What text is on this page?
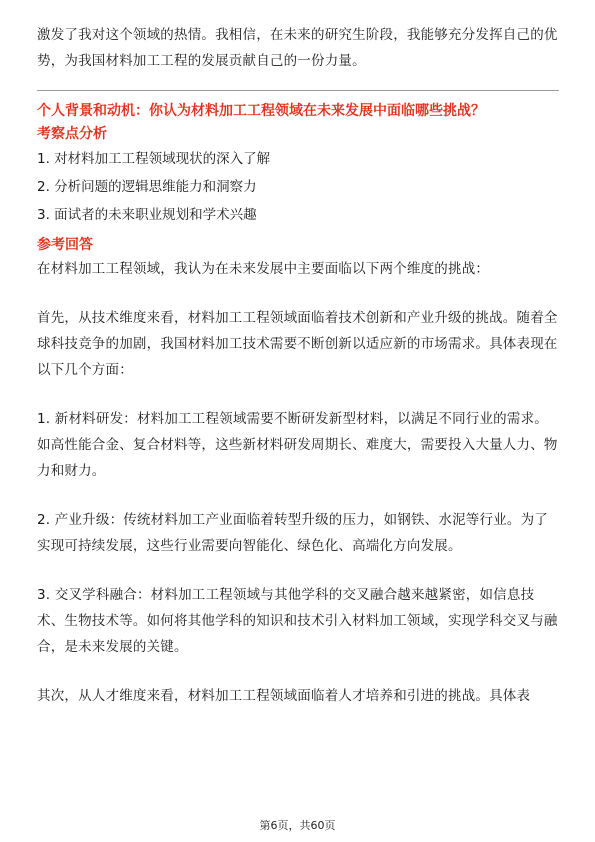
激发了我对这个领域的热情。我相信，在未来的研究生阶段，我能够充分发挥自己的优势，为我国材料加工工程的发展贡献自己的一份力量。

个人背景和动机：你认为材料加工工程领域在未来发展中面临哪些挑战？

考察点分析

1. 对材料加工工程领域现状的深入了解

2. 分析问题的逻辑思维能力和洞察力

3. 面试者的未来职业规划和学术兴趣

参考回答

在材料加工工程领域，我认为在未来发展中主要面临以下两个维度的挑战：

首先，从技术维度来看，材料加工工程领域面临着技术创新和产业升级的挑战。随着全球科技竞争的加剧，我国材料加工技术需要不断创新以适应新的市场需求。具体表现在以下几个方面：

1. 新材料研发：材料加工工程领域需要不断研发新型材料，以满足不同行业的需求。如高性能合金、复合材料等，这些新材料研发周期长、难度大，需要投入大量人力、物力和财力。

2. 产业升级：传统材料加工产业面临着转型升级的压力，如钢铁、水泥等行业。为了实现可持续发展，这些行业需要向智能化、绿色化、高端化方向发展。

3. 交叉学科融合：材料加工工程领域与其他学科的交叉融合越来越紧密，如信息技术、生物技术等。如何将其他学科的知识和技术引入材料加工领域，实现学科交叉与融合，是未来发展的关键。

其次，从人才维度来看，材料加工工程领域面临着人才培养和引进的挑战。具体表

第6页，共60页
